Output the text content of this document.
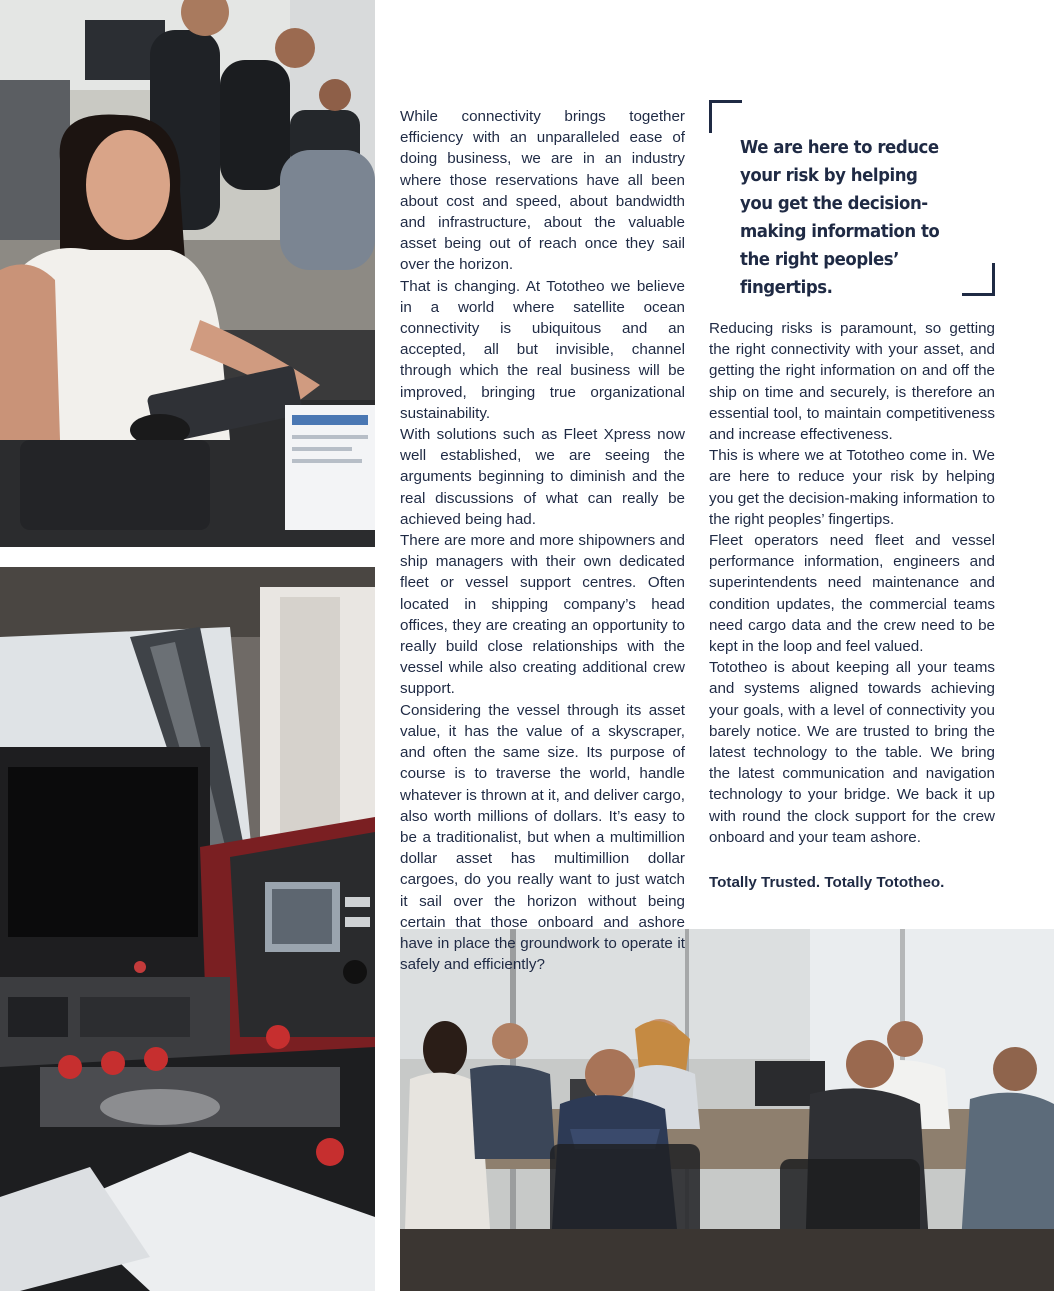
While connectivity brings together efficiency with an unparalleled ease of doing business, we are in an industry where those reservations have all been about cost and speed, about bandwidth and infrastructure, about the valuable asset being out of reach once they sail over the horizon.

That is changing. At Tototheo we believe in a world where satellite ocean connectivity is ubiquitous and an accepted, all but invisible, channel through which the real business will be improved, bringing true organizational sustainability.

With solutions such as Fleet Xpress now well established, we are seeing the arguments beginning to diminish and the real discussions of what can really be achieved being had.

There are more and more shipowners and ship managers with their own dedicated fleet or vessel support centres. Often located in shipping company’s head offices, they are creating an opportunity to really build close relationships with the vessel while also creating additional crew support.

Considering the vessel through its asset value, it has the value of a skyscraper, and often the same size. Its purpose of course is to traverse the world, handle whatever is thrown at it, and deliver cargo, also worth millions of dollars. It’s easy to be a traditionalist, but when a multimillion dollar asset has multimillion dollar cargoes, do you really want to just watch it sail over the horizon without being certain that those onboard and ashore have in place the groundwork to operate it safely and efficiently?

We are here to reduce your risk by helping you get the decision-making information to the right peoples’ fingertips.

Reducing risks is paramount, so getting the right connectivity with your asset, and getting the right information on and off the ship on time and securely, is therefore an essential tool, to maintain competitiveness and increase effectiveness.

This is where we at Tototheo come in. We are here to reduce your risk by helping you get the decision-making information to the right peoples’ fingertips.

Fleet operators need fleet and vessel performance information, engineers and superintendents need maintenance and condition updates, the commercial teams need cargo data and the crew need to be kept in the loop and feel valued.

Tototheo is about keeping all your teams and systems aligned towards achieving your goals, with a level of connectivity you barely notice. We are trusted to bring the latest technology to the table. We bring the latest communication and navigation technology to your bridge. We back it up with round the clock support for the crew onboard and your team ashore.

Totally Trusted. Totally Tototheo.
